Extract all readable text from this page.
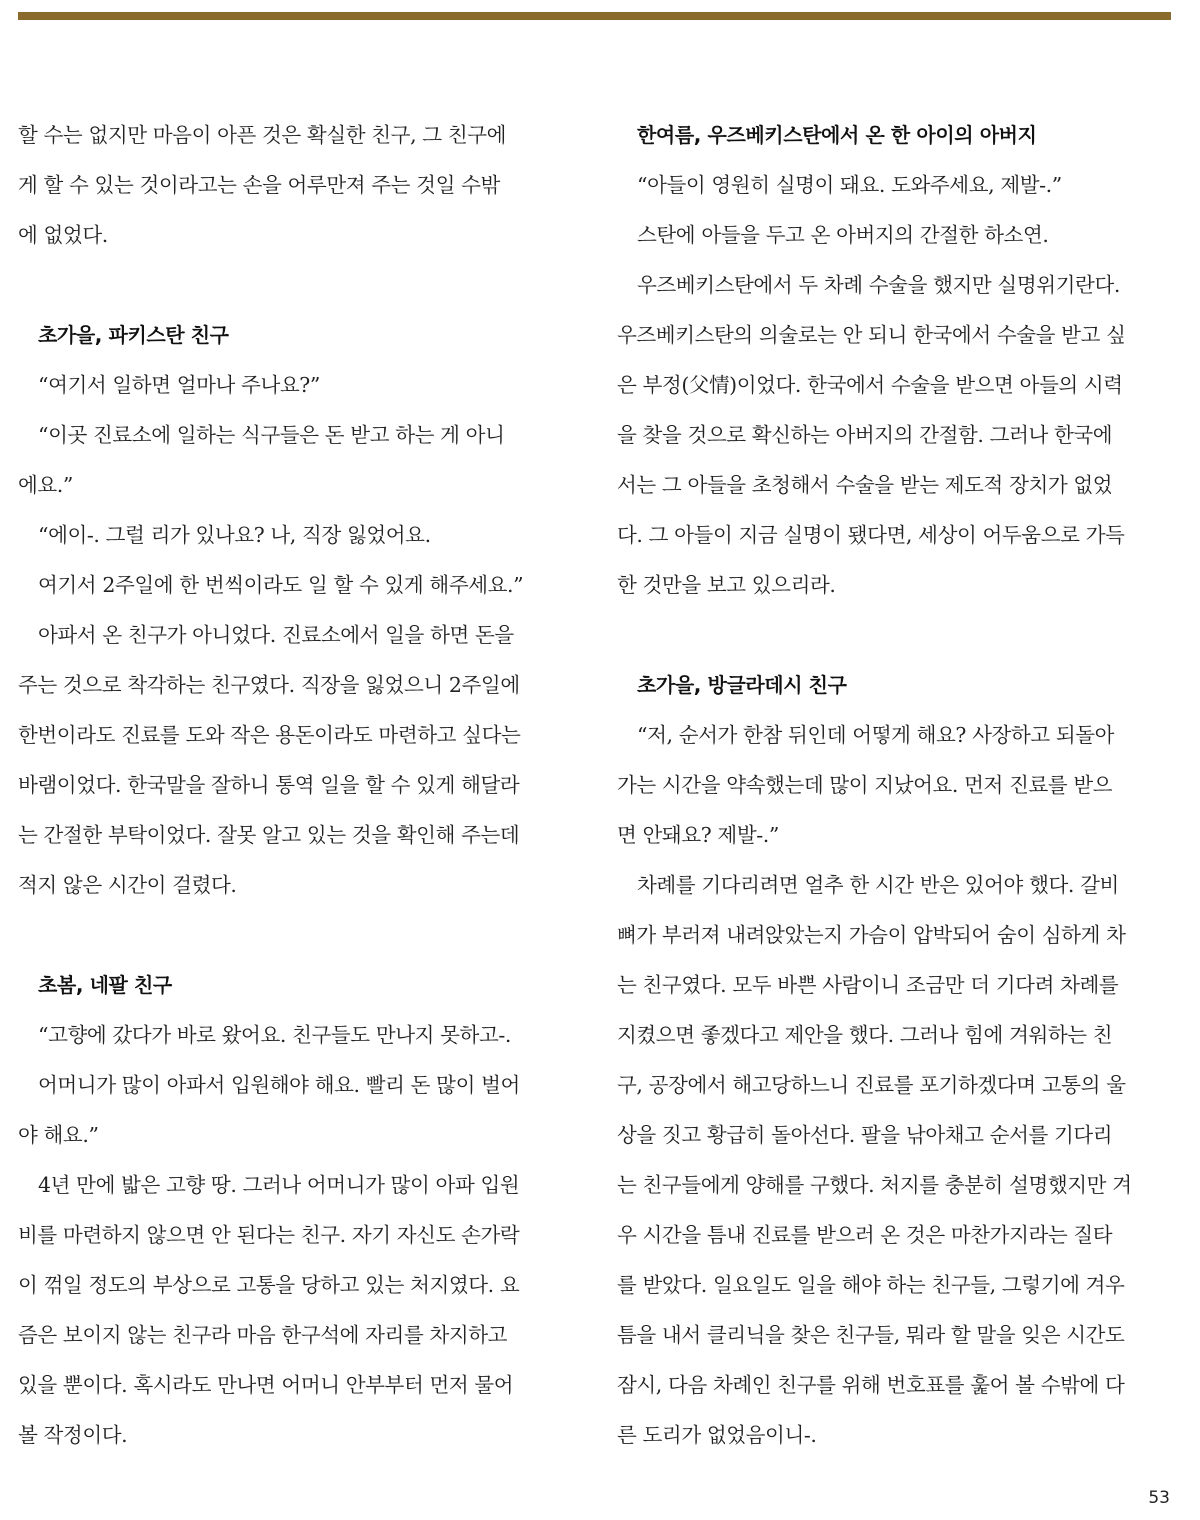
할 수는 없지만 마음이 아픈 것은 확실한 친구, 그 친구에
게 할 수 있는 것이라고는 손을 어루만져 주는 것일 수밖
에 없었다.
초가을, 파키스탄 친구
“여기서 일하면 얼마나 주나요?”
“이곳 진료소에 일하는 식구들은 돈 받고 하는 게 아니
에요.”
“에이-. 그럴 리가 있나요? 나, 직장 잃었어요.
여기서 2주일에 한 번씩이라도 일 할 수 있게 해주세요.”
아파서 온 친구가 아니었다. 진료소에서 일을 하면 돈을
주는 것으로 착각하는 친구였다. 직장을 잃었으니 2주일에
한번이라도 진료를 도와 작은 용돈이라도 마련하고 싶다는
바램이었다. 한국말을 잘하니 통역 일을 할 수 있게 해달라
는 간절한 부탁이었다. 잘못 알고 있는 것을 확인해 주는데
적지 않은 시간이 걸렸다.
초봄, 네팔 친구
“고향에 갔다가 바로 왔어요. 친구들도 만나지 못하고-.
어머니가 많이 아파서 입원해야 해요. 빨리 돈 많이 벌어
야 해요.”
4년 만에 밟은 고향 땅. 그러나 어머니가 많이 아파 입원
비를 마련하지 않으면 안 된다는 친구. 자기 자신도 손가락
이 꺾일 정도의 부상으로 고통을 당하고 있는 처지였다. 요
즘은 보이지 않는 친구라 마음 한구석에 자리를 차지하고
있을 뿐이다. 혹시라도 만나면 어머니 안부부터 먼저 물어
볼 작정이다.
한여름, 우즈베키스탄에서 온 한 아이의 아버지
“아들이 영원히 실명이 돼요. 도와주세요, 제발-.”
스탄에 아들을 두고 온 아버지의 간절한 하소연.
우즈베키스탄에서 두 차례 수술을 했지만 실명위기란다.
우즈베키스탄의 의술로는 안 되니 한국에서 수술을 받고 싶
은 부정(父情)이었다. 한국에서 수술을 받으면 아들의 시력
을 찾을 것으로 확신하는 아버지의 간절함. 그러나 한국에
서는 그 아들을 초청해서 수술을 받는 제도적 장치가 없었
다. 그 아들이 지금 실명이 됐다면, 세상이 어두움으로 가득
한 것만을 보고 있으리라.
초가을, 방글라데시 친구
“저, 순서가 한참 뒤인데 어떻게 해요? 사장하고 되돌아
가는 시간을 약속했는데 많이 지났어요. 먼저 진료를 받으
면 안돼요? 제발-.”
차례를 기다리려면 얼추 한 시간 반은 있어야 했다. 갈비
뼈가 부러져 내려앉았는지 가슴이 압박되어 숨이 심하게 차
는 친구였다. 모두 바쁜 사람이니 조금만 더 기다려 차례를
지켰으면 좋겠다고 제안을 했다. 그러나 힘에 겨워하는 친
구, 공장에서 해고당하느니 진료를 포기하겠다며 고통의 울
상을 짓고 황급히 돌아선다. 팔을 낚아채고 순서를 기다리
는 친구들에게 양해를 구했다. 처지를 충분히 설명했지만 겨
우 시간을 틈내 진료를 받으러 온 것은 마찬가지라는 질타
를 받았다. 일요일도 일을 해야 하는 친구들, 그렇기에 겨우
틈을 내서 클리닉을 찾은 친구들, 뭐라 할 말을 잊은 시간도
잠시, 다음 차례인 친구를 위해 번호표를 훑어 볼 수밖에 다
른 도리가 없었음이니-.
53
